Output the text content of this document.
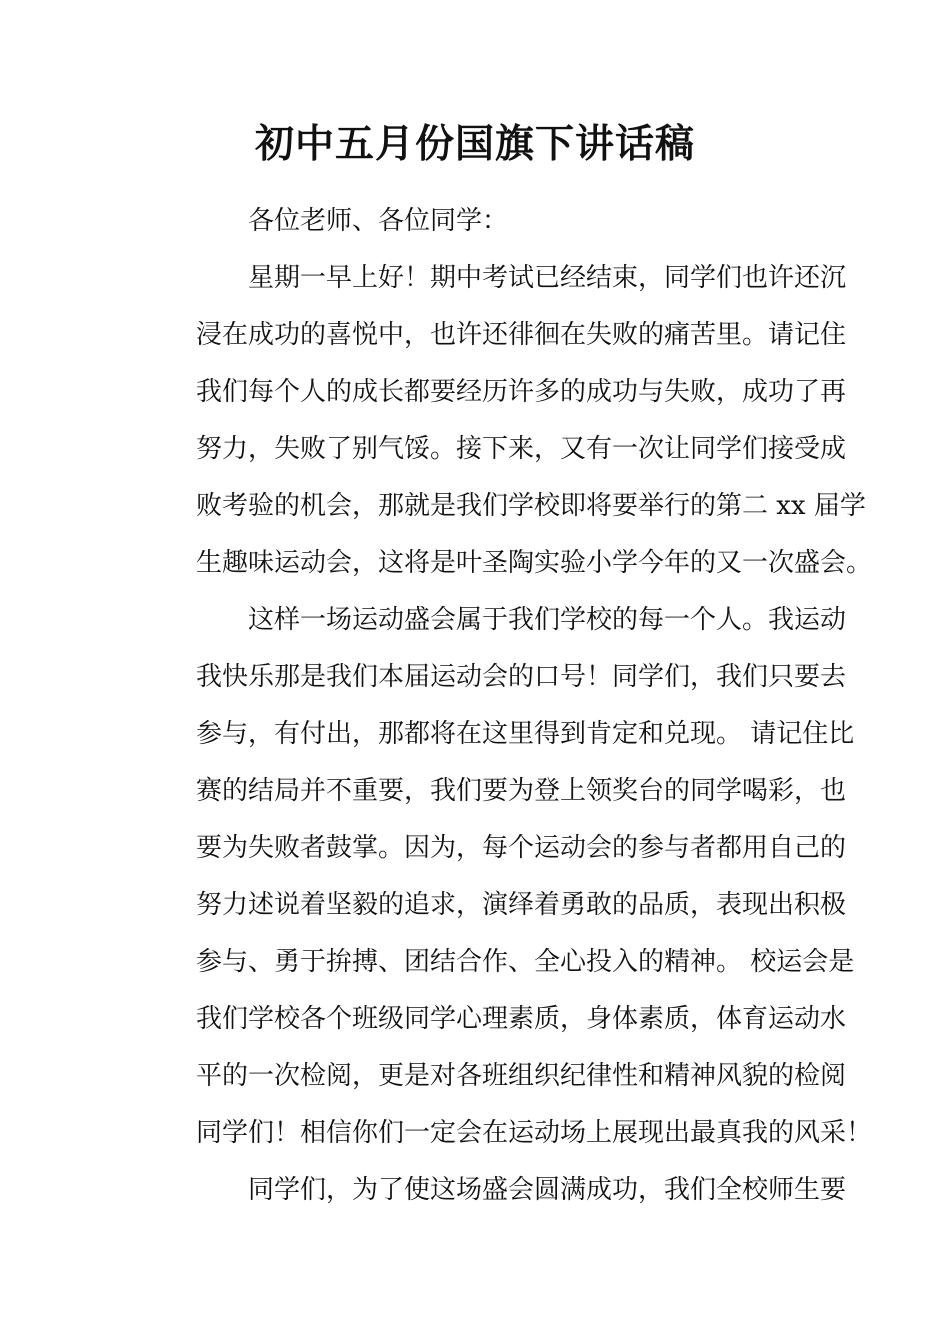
初中五月份国旗下讲话稿
各位老师、各位同学：
星期一早上好！期中考试已经结束，同学们也许还沉
浸在成功的喜悦中，也许还徘徊在失败的痛苦里。请记住
我们每个人的成长都要经历许多的成功与失败，成功了再
努力，失败了别气馁。接下来，又有一次让同学们接受成
败考验的机会，那就是我们学校即将要举行的第二 xx 届学
生趣味运动会，这将是叶圣陶实验小学今年的又一次盛会。
这样一场运动盛会属于我们学校的每一个人。我运动
我快乐那是我们本届运动会的口号！同学们，我们只要去
参与，有付出，那都将在这里得到肯定和兑现。 请记住比
赛的结局并不重要，我们要为登上领奖台的同学喝彩，也
要为失败者鼓掌。因为，每个运动会的参与者都用自己的
努力述说着坚毅的追求，演绎着勇敢的品质，表现出积极
参与、勇于拚搏、团结合作、全心投入的精神。 校运会是
我们学校各个班级同学心理素质，身体素质，体育运动水
平的一次检阅，更是对各班组织纪律性和精神风貌的检阅
同学们！相信你们一定会在运动场上展现出最真我的风采！
同学们，为了使这场盛会圆满成功，我们全校师生要
